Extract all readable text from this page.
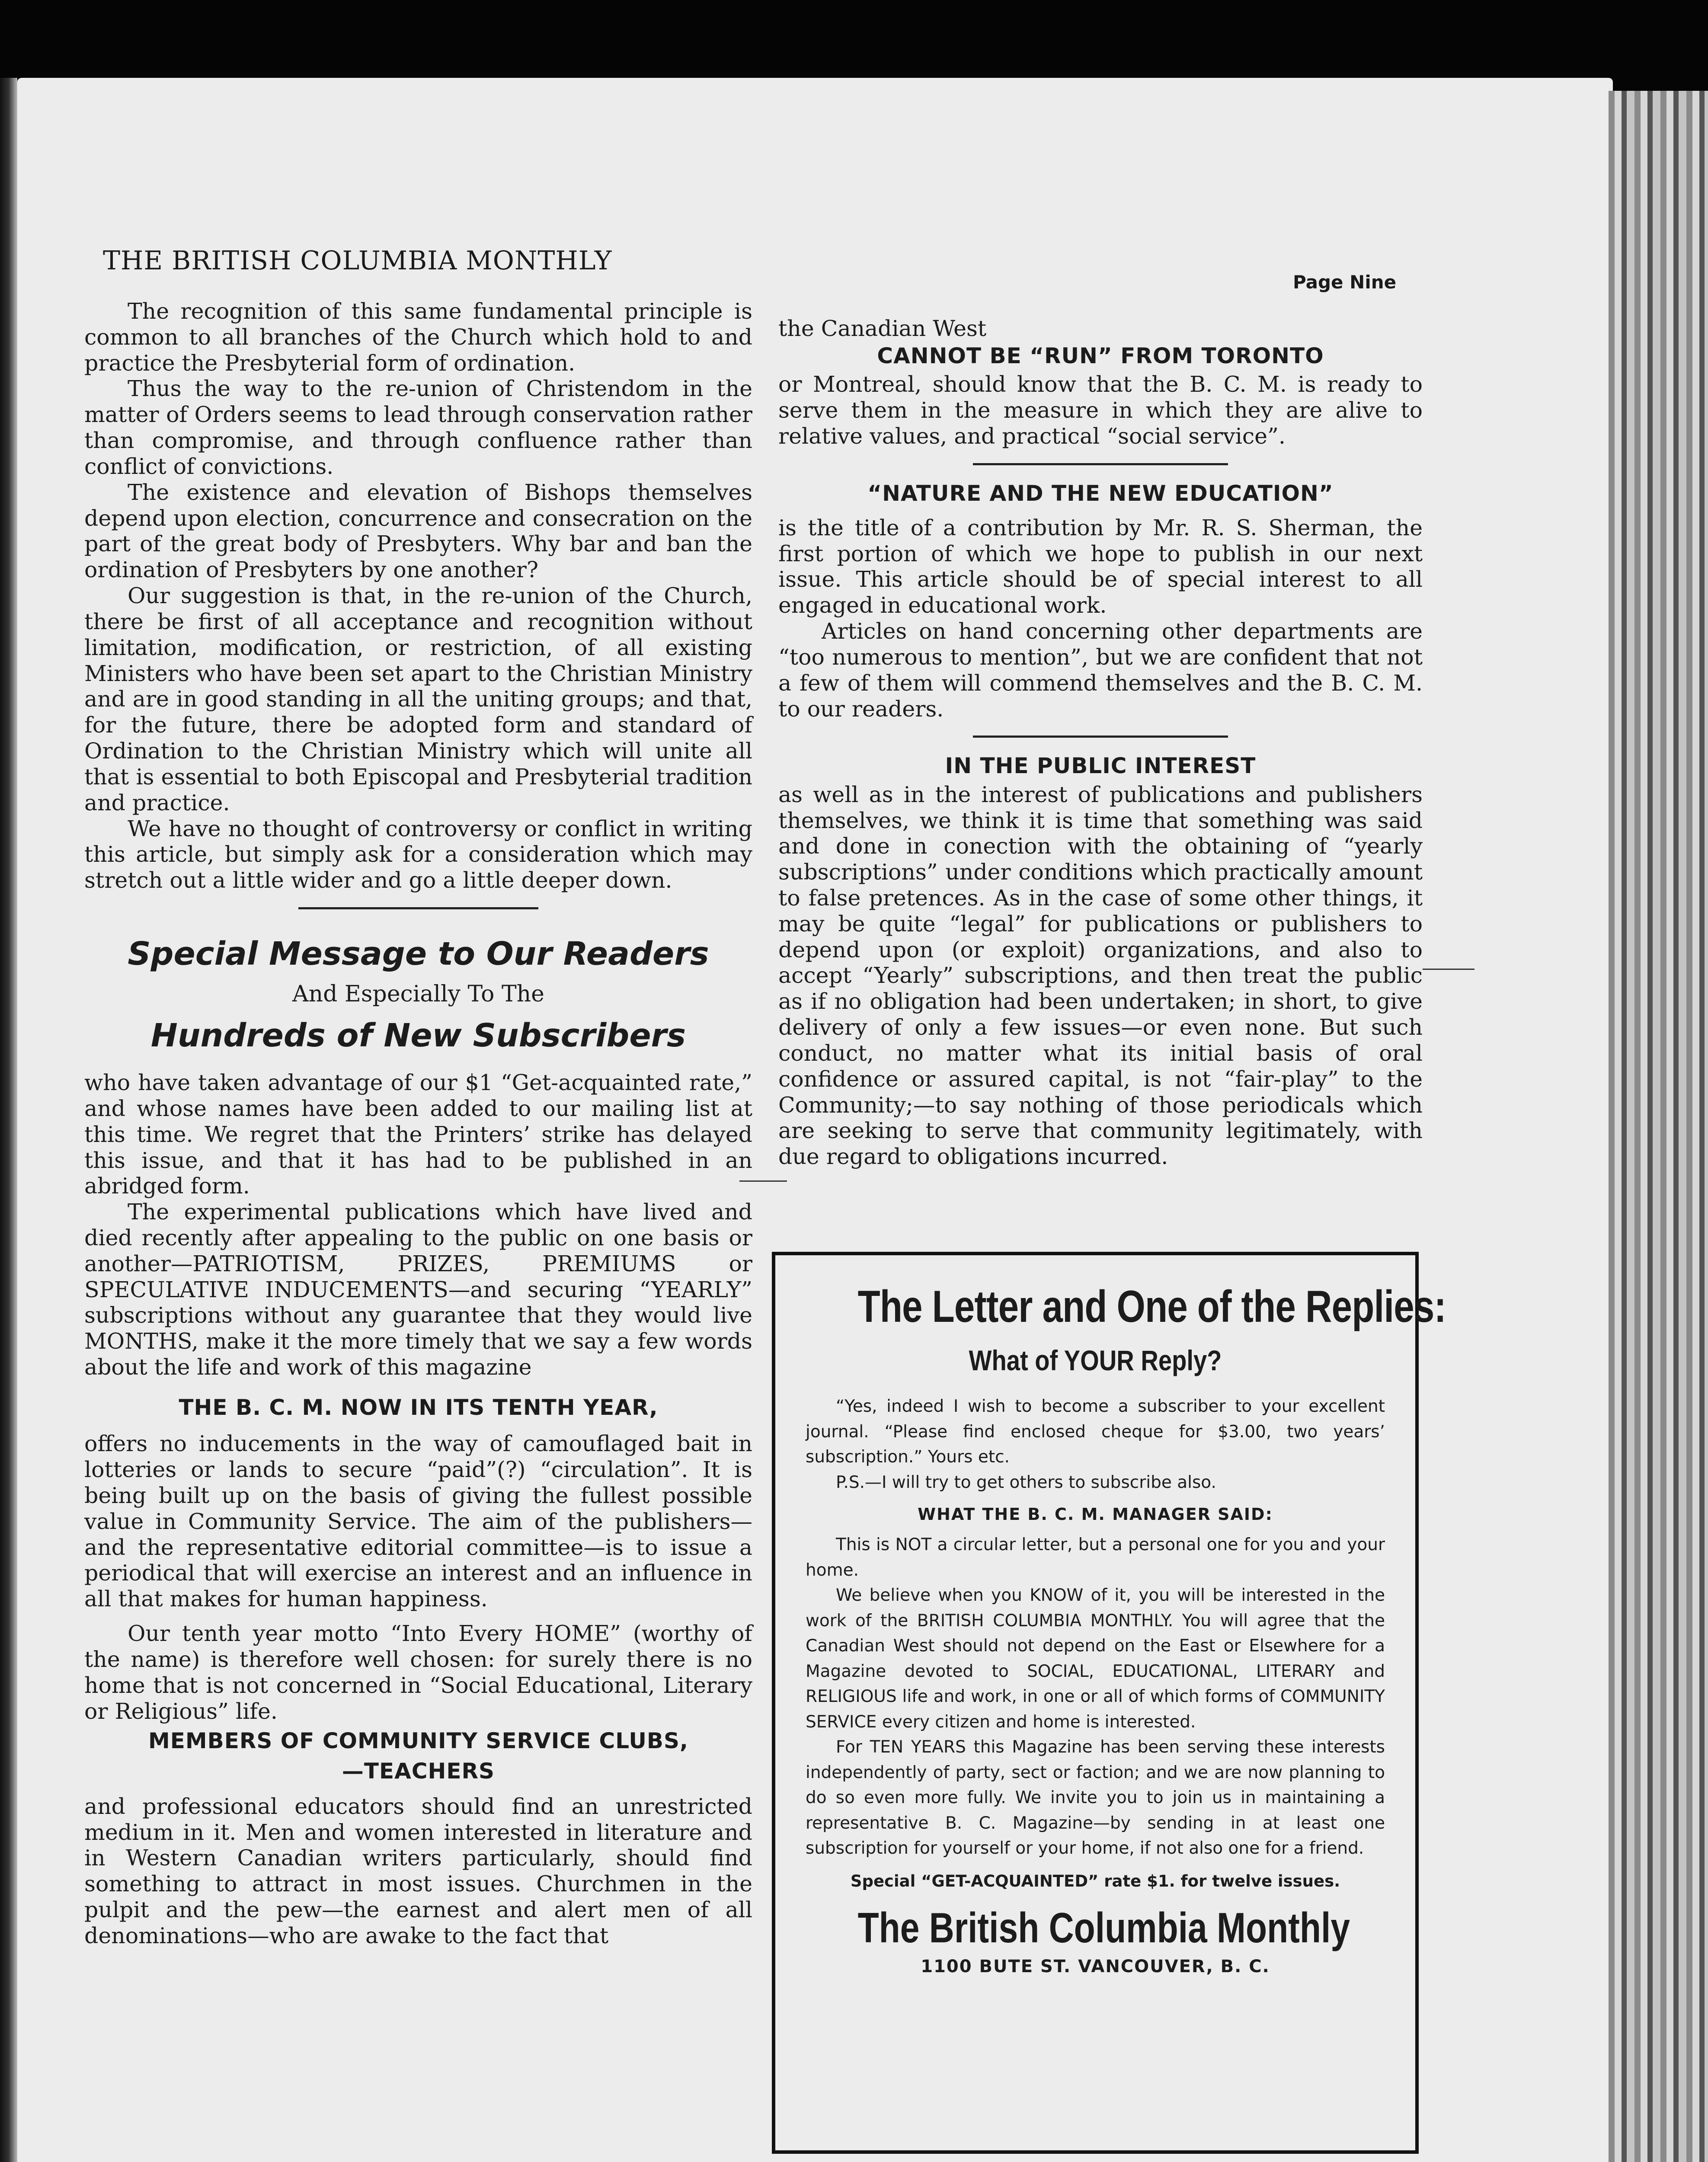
THE BRITISH COLUMBIA MONTHLY
Page Nine

The recognition of this same fundamental principle is common to all branches of the Church which hold to and practice the Presbyterial form of ordination.

Thus the way to the re-union of Christendom in the matter of Orders seems to lead through conservation rather than compromise, and through confluence rather than conflict of convictions.

The existence and elevation of Bishops themselves depend upon election, concurrence and consecration on the part of the great body of Presbyters. Why bar and ban the ordination of Presbyters by one another?

Our suggestion is that, in the re-union of the Church, there be first of all acceptance and recognition without limitation, modification, or restriction, of all existing Ministers who have been set apart to the Christian Ministry and are in good standing in all the uniting groups; and that, for the future, there be adopted form and standard of Ordination to the Christian Ministry which will unite all that is essential to both Episcopal and Presbyterial tradition and practice.

We have no thought of controversy or conflict in writing this article, but simply ask for a consideration which may stretch out a little wider and go a little deeper down.

Special Message to Our Readers
And Especially To The
Hundreds of New Subscribers

who have taken advantage of our $1 “Get-acquainted rate,” and whose names have been added to our mailing list at this time. We regret that the Printers’ strike has delayed this issue, and that it has had to be published in an abridged form.

The experimental publications which have lived and died recently after appealing to the public on one basis or another—PATRIOTISM, PRIZES, PREMIUMS or SPECULATIVE INDUCEMENTS—and securing “YEARLY” subscriptions without any guarantee that they would live MONTHS, make it the more timely that we say a few words about the life and work of this magazine

THE B. C. M. NOW IN ITS TENTH YEAR,

offers no inducements in the way of camouflaged bait in lotteries or lands to secure “paid”(?) “circulation”. It is being built up on the basis of giving the fullest possible value in Community Service. The aim of the publishers—and the representative editorial committee—is to issue a periodical that will exercise an interest and an influence in all that makes for human happiness.

Our tenth year motto “Into Every HOME” (worthy of the name) is therefore well chosen: for surely there is no home that is not concerned in “Social Educational, Literary or Religious” life.

MEMBERS OF COMMUNITY SERVICE CLUBS,
—TEACHERS

and professional educators should find an unrestricted medium in it. Men and women interested in literature and in Western Canadian writers particularly, should find something to attract in most issues. Churchmen in the pulpit and the pew—the earnest and alert men of all denominations—who are awake to the fact that

the Canadian West

CANNOT BE “RUN” FROM TORONTO

or Montreal, should know that the B. C. M. is ready to serve them in the measure in which they are alive to relative values, and practical “social service”.

“NATURE AND THE NEW EDUCATION”

is the title of a contribution by Mr. R. S. Sherman, the first portion of which we hope to publish in our next issue. This article should be of special interest to all engaged in educational work.

Articles on hand concerning other departments are “too numerous to mention”, but we are confident that not a few of them will commend themselves and the B. C. M. to our readers.

IN THE PUBLIC INTEREST

as well as in the interest of publications and publishers themselves, we think it is time that something was said and done in conection with the obtaining of “yearly subscriptions” under conditions which practically amount to false pretences. As in the case of some other things, it may be quite “legal” for publications or publishers to depend upon (or exploit) organizations, and also to accept “Yearly” subscriptions, and then treat the public as if no obligation had been undertaken; in short, to give delivery of only a few issues—or even none. But such conduct, no matter what its initial basis of oral confidence or assured capital, is not “fair-play” to the Community;—to say nothing of those periodicals which are seeking to serve that community legitimately, with due regard to obligations incurred.

The Letter and One of the Replies:
What of YOUR Reply?

“Yes, indeed I wish to become a subscriber to your excellent journal. “Please find enclosed cheque for $3.00, two years’ subscription.” Yours etc.

P.S.—I will try to get others to subscribe also.

WHAT THE B. C. M. MANAGER SAID:

This is NOT a circular letter, but a personal one for you and your home.

We believe when you KNOW of it, you will be interested in the work of the BRITISH COLUMBIA MONTHLY. You will agree that the Canadian West should not depend on the East or Elsewhere for a Magazine devoted to SOCIAL, EDUCATIONAL, LITERARY and RELIGIOUS life and work, in one or all of which forms of COMMUNITY SERVICE every citizen and home is interested.

For TEN YEARS this Magazine has been serving these interests independently of party, sect or faction; and we are now planning to do so even more fully. We invite you to join us in maintaining a representative B. C. Magazine—by sending in at least one subscription for yourself or your home, if not also one for a friend.

Special “GET-ACQUAINTED” rate $1. for twelve issues.
The British Columbia Monthly
1100 BUTE ST. VANCOUVER, B. C.
